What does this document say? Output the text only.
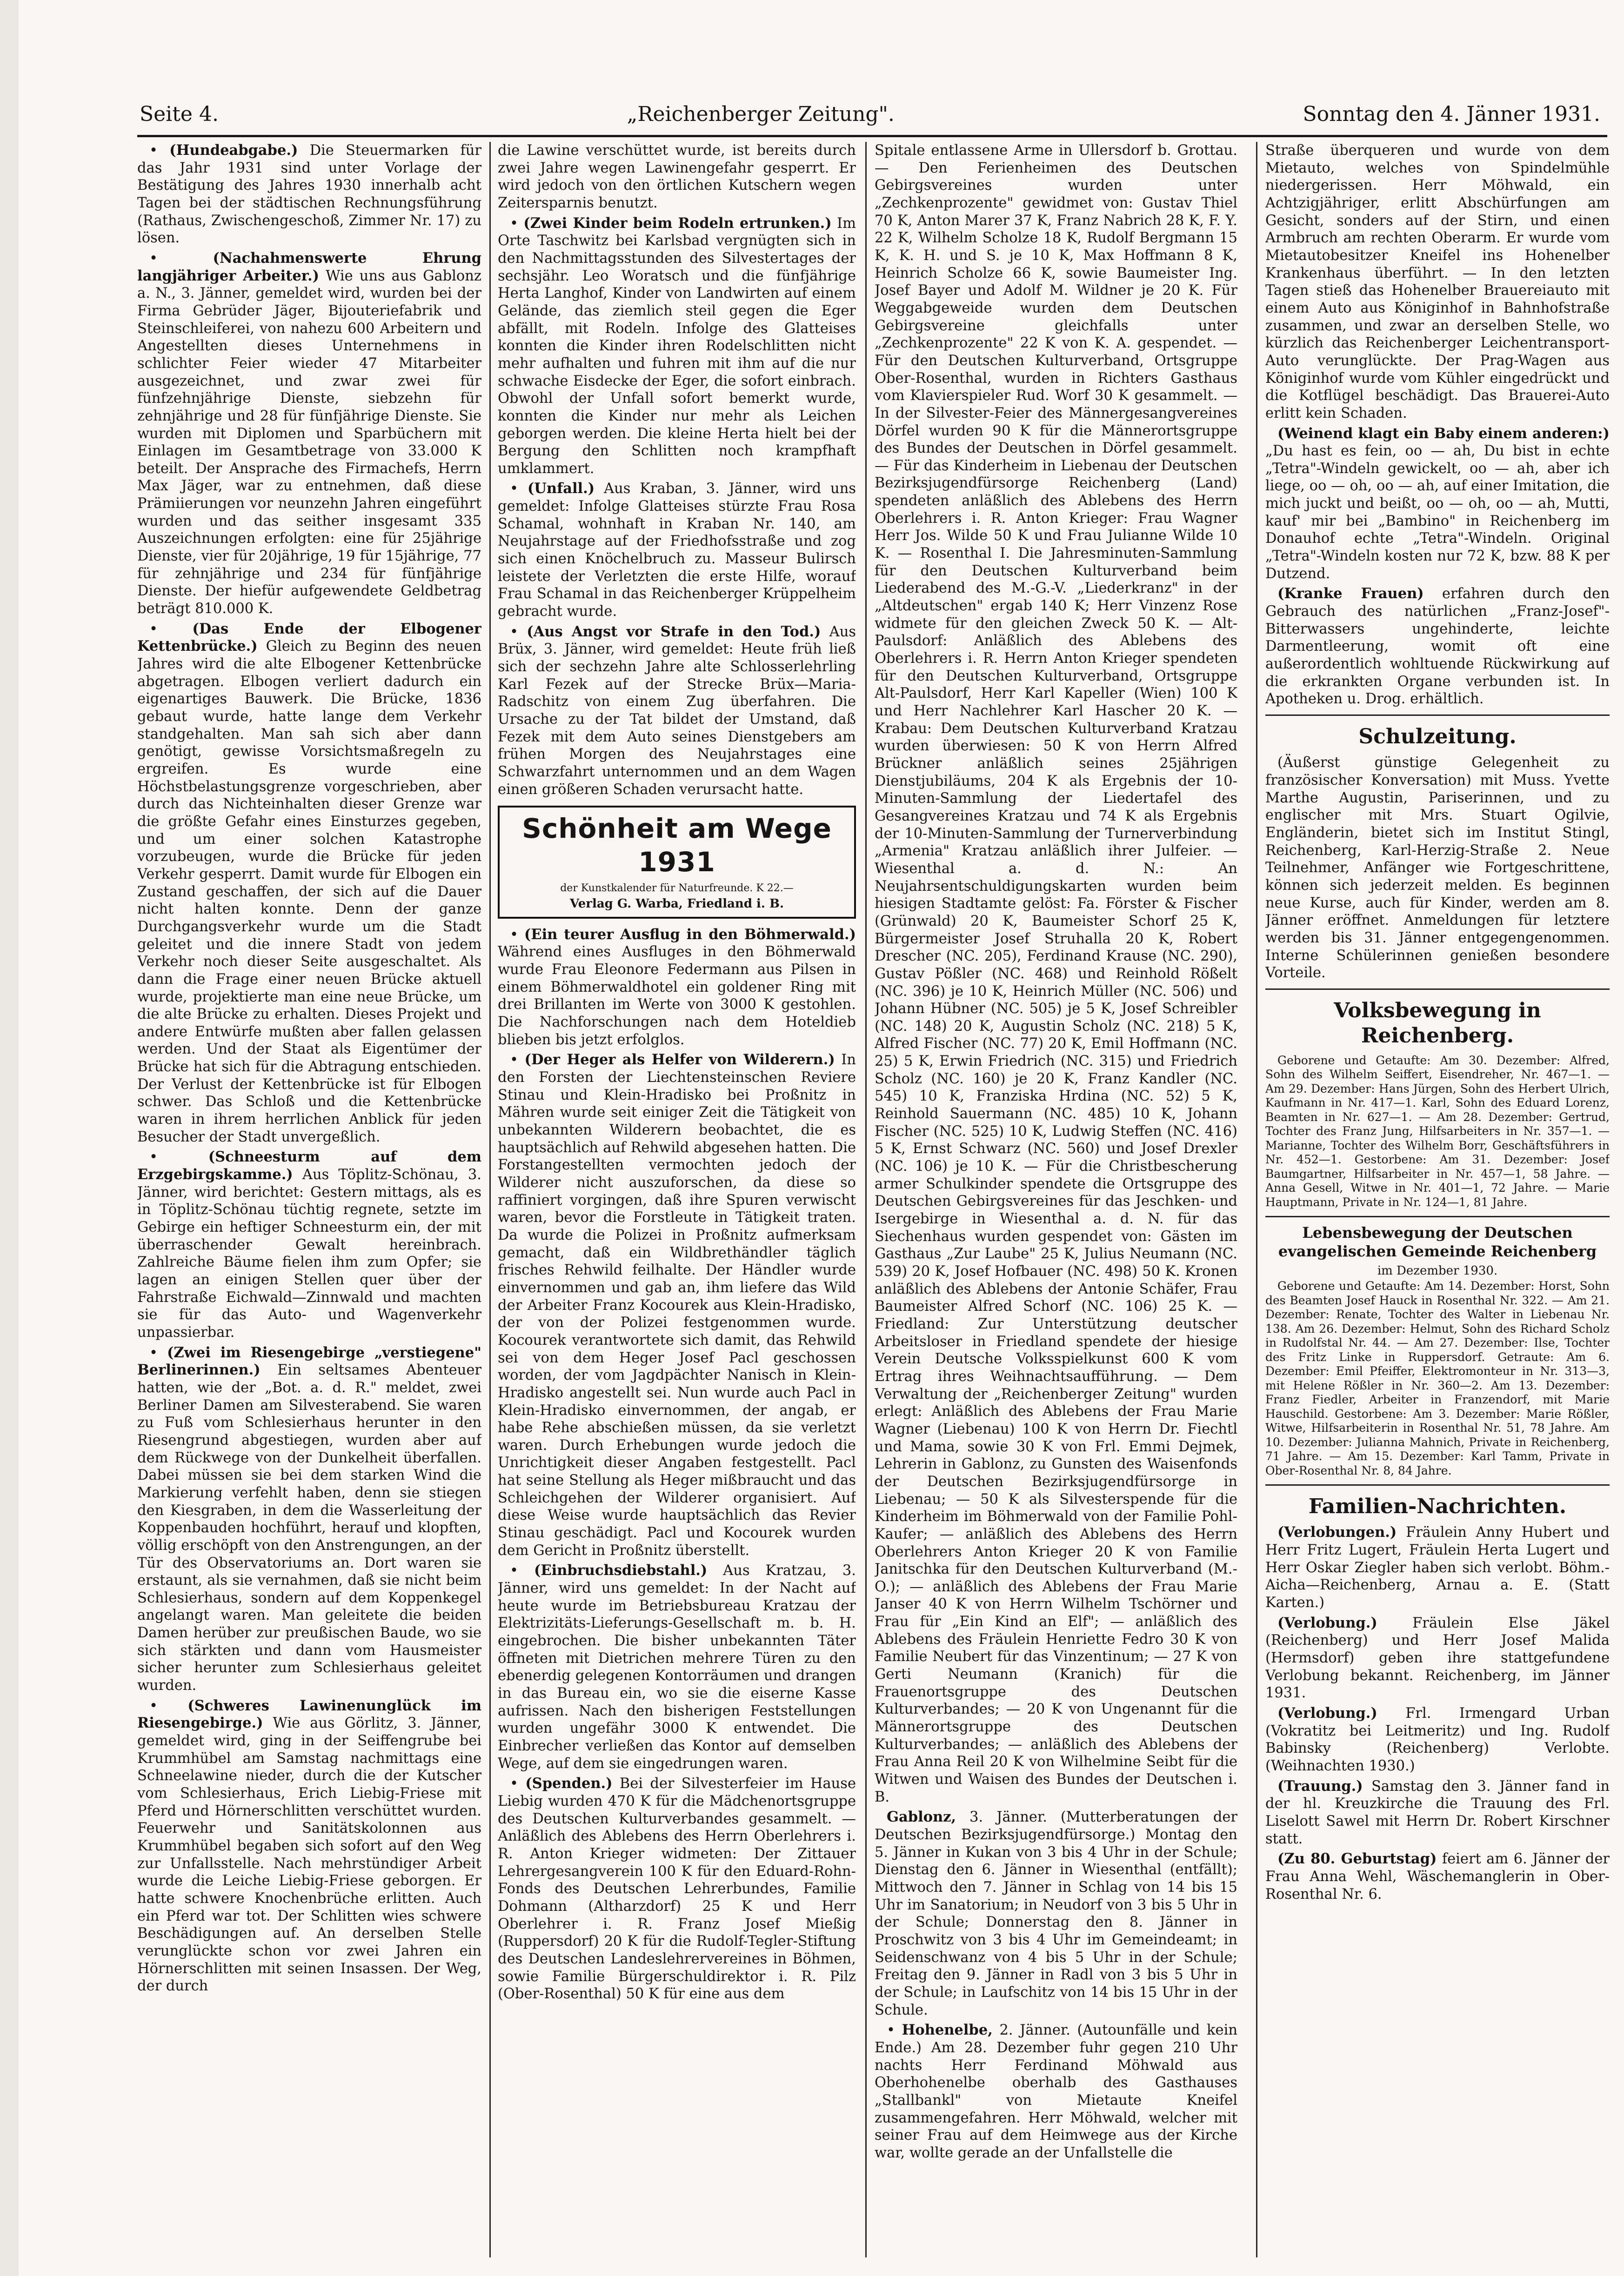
Seite 4.	„Reichenberger Zeitung".	Sonntag den 4. Jänner 1931.

• (Hundeabgabe.) Die Steuermarken für das Jahr 1931 sind unter Vorlage der Bestätigung des Jahres 1930 innerhalb acht Tagen bei der städtischen Rechnungsführung (Rathaus, Zwischengeschoß, Zimmer Nr. 17) zu lösen.

• (Nachahmenswerte Ehrung langjähriger Arbeiter.) Wie uns aus Gablonz a. N., 3. Jänner, gemeldet wird, wurden bei der Firma Gebrüder Jäger, Bijouteriefabrik und Steinschleiferei, von nahezu 600 Arbeitern und Angestellten dieses Unternehmens in schlichter Feier wieder 47 Mitarbeiter ausgezeichnet, und zwar zwei für fünfzehnjährige Dienste, siebzehn für zehnjährige und 28 für fünfjährige Dienste. Sie wurden mit Diplomen und Sparbüchern mit Einlagen im Gesamtbetrage von 33.000 K beteilt. Der Ansprache des Firmachefs, Herrn Max Jäger, war zu entnehmen, daß diese Prämiierungen vor neunzehn Jahren eingeführt wurden und das seither insgesamt 335 Auszeichnungen erfolgten: eine für 25jährige Dienste, vier für 20jährige, 19 für 15jährige, 77 für zehnjährige und 234 für fünfjährige Dienste. Der hiefür aufgewendete Geldbetrag beträgt 810.000 K.

• (Das Ende der Elbogener Kettenbrücke.) Gleich zu Beginn des neuen Jahres wird die alte Elbogener Kettenbrücke abgetragen. Elbogen verliert dadurch ein eigenartiges Bauwerk. Die Brücke, 1836 gebaut wurde, hatte lange dem Verkehr standgehalten. Man sah sich aber dann genötigt, gewisse Vorsichtsmaßregeln zu ergreifen. Es wurde eine Höchstbelastungsgrenze vorgeschrieben, aber durch das Nichteinhalten dieser Grenze war die größte Gefahr eines Einsturzes gegeben, und um einer solchen Katastrophe vorzubeugen, wurde die Brücke für jeden Verkehr gesperrt. Damit wurde für Elbogen ein Zustand geschaffen, der sich auf die Dauer nicht halten konnte. Denn der ganze Durchgangsverkehr wurde um die Stadt geleitet und die innere Stadt von jedem Verkehr noch dieser Seite ausgeschaltet. Als dann die Frage einer neuen Brücke aktuell wurde, projektierte man eine neue Brücke, um die alte Brücke zu erhalten. Dieses Projekt und andere Entwürfe mußten aber fallen gelassen werden. Und der Staat als Eigentümer der Brücke hat sich für die Abtragung entschieden. Der Verlust der Kettenbrücke ist für Elbogen schwer. Das Schloß und die Kettenbrücke waren in ihrem herrlichen Anblick für jeden Besucher der Stadt unvergeßlich.

• (Schneesturm auf dem Erzgebirgskamme.) Aus Töplitz-Schönau, 3. Jänner, wird berichtet: Gestern mittags, als es in Töplitz-Schönau tüchtig regnete, setzte im Gebirge ein heftiger Schneesturm ein, der mit überraschender Gewalt hereinbrach. Zahlreiche Bäume fielen ihm zum Opfer; sie lagen an einigen Stellen quer über der Fahrstraße Eichwald—Zinnwald und machten sie für das Auto- und Wagenverkehr unpassierbar.

• (Zwei im Riesengebirge „verstiegene" Berlinerinnen.) Ein seltsames Abenteuer hatten, wie der „Bot. a. d. R." meldet, zwei Berliner Damen am Silvesterabend. Sie waren zu Fuß vom Schlesierhaus herunter in den Riesengrund abgestiegen, wurden aber auf dem Rückwege von der Dunkelheit überfallen. Dabei müssen sie bei dem starken Wind die Markierung verfehlt haben, denn sie stiegen den Kiesgraben, in dem die Wasserleitung der Koppenbauden hochführt, herauf und klopften, völlig erschöpft von den Anstrengungen, an der Tür des Observatoriums an. Dort waren sie erstaunt, als sie vernahmen, daß sie nicht beim Schlesierhaus, sondern auf dem Koppenkegel angelangt waren. Man geleitete die beiden Damen herüber zur preußischen Baude, wo sie sich stärkten und dann vom Hausmeister sicher herunter zum Schlesierhaus geleitet wurden.

• (Schweres Lawinenunglück im Riesengebirge.) Wie aus Görlitz, 3. Jänner, gemeldet wird, ging in der Seiffengrube bei Krummhübel am Samstag nachmittags eine Schneelawine nieder, durch die der Kutscher vom Schlesierhaus, Erich Liebig-Friese mit Pferd und Hörnerschlitten verschüttet wurden. Feuerwehr und Sanitätskolonnen aus Krummhübel begaben sich sofort auf den Weg zur Unfallsstelle. Nach mehrstündiger Arbeit wurde die Leiche Liebig-Friese geborgen. Er hatte schwere Knochenbrüche erlitten. Auch ein Pferd war tot. Der Schlitten wies schwere Beschädigungen auf. An derselben Stelle verunglückte schon vor zwei Jahren ein Hörnerschlitten mit seinen Insassen. Der Weg, der durch

die Lawine verschüttet wurde, ist bereits durch zwei Jahre wegen Lawinengefahr gesperrt. Er wird jedoch von den örtlichen Kutschern wegen Zeitersparnis benutzt.

• (Zwei Kinder beim Rodeln ertrunken.) Im Orte Taschwitz bei Karlsbad vergnügten sich in den Nachmittagsstunden des Silvestertages der sechsjähr. Leo Woratsch und die fünfjährige Herta Langhof, Kinder von Landwirten auf einem Gelände, das ziemlich steil gegen die Eger abfällt, mit Rodeln. Infolge des Glatteises konnten die Kinder ihren Rodelschlitten nicht mehr aufhalten und fuhren mit ihm auf die nur schwache Eisdecke der Eger, die sofort einbrach. Obwohl der Unfall sofort bemerkt wurde, konnten die Kinder nur mehr als Leichen geborgen werden. Die kleine Herta hielt bei der Bergung den Schlitten noch krampfhaft umklammert.

• (Unfall.) Aus Kraban, 3. Jänner, wird uns gemeldet: Infolge Glatteises stürzte Frau Rosa Schamal, wohnhaft in Kraban Nr. 140, am Neujahrstage auf der Friedhofsstraße und zog sich einen Knöchelbruch zu. Masseur Bulirsch leistete der Verletzten die erste Hilfe, worauf Frau Schamal in das Reichenberger Krüppelheim gebracht wurde.

• (Aus Angst vor Strafe in den Tod.) Aus Brüx, 3. Jänner, wird gemeldet: Heute früh ließ sich der sechzehn Jahre alte Schlosserlehrling Karl Fezek auf der Strecke Brüx—Maria-Radschitz von einem Zug überfahren. Die Ursache zu der Tat bildet der Umstand, daß Fezek mit dem Auto seines Dienstgebers am frühen Morgen des Neujahrstages eine Schwarzfahrt unternommen und an dem Wagen einen größeren Schaden verursacht hatte.

Schönheit am Wege 1931
der Kunstkalender für Naturfreunde. K 22.—
Verlag G. Warba, Friedland i. B.

• (Ein teurer Ausflug in den Böhmerwald.) Während eines Ausfluges in den Böhmerwald wurde Frau Eleonore Federmann aus Pilsen in einem Böhmerwaldhotel ein goldener Ring mit drei Brillanten im Werte von 3000 K gestohlen. Die Nachforschungen nach dem Hoteldieb blieben bis jetzt erfolglos.

• (Der Heger als Helfer von Wilderern.) In den Forsten der Liechtensteinschen Reviere Stinau und Klein-Hradisko bei Proßnitz in Mähren wurde seit einiger Zeit die Tätigkeit von unbekannten Wilderern beobachtet, die es hauptsächlich auf Rehwild abgesehen hatten. Die Forstangestellten vermochten jedoch der Wilderer nicht auszuforschen, da diese so raffiniert vorgingen, daß ihre Spuren verwischt waren, bevor die Forstleute in Tätigkeit traten. Da wurde die Polizei in Proßnitz aufmerksam gemacht, daß ein Wildbrethändler täglich frisches Rehwild feilhalte. Der Händler wurde einvernommen und gab an, ihm liefere das Wild der Arbeiter Franz Kocourek aus Klein-Hradisko, der von der Polizei festgenommen wurde. Kocourek verantwortete sich damit, das Rehwild sei von dem Heger Josef Pacl geschossen worden, der vom Jagdpächter Nanisch in Klein-Hradisko angestellt sei. Nun wurde auch Pacl in Klein-Hradisko einvernommen, der angab, er habe Rehe abschießen müssen, da sie verletzt waren. Durch Erhebungen wurde jedoch die Unrichtigkeit dieser Angaben festgestellt. Pacl hat seine Stellung als Heger mißbraucht und das Schleichgehen der Wilderer organisiert. Auf diese Weise wurde hauptsächlich das Revier Stinau geschädigt. Pacl und Kocourek wurden dem Gericht in Proßnitz überstellt.

• (Einbruchsdiebstahl.) Aus Kratzau, 3. Jänner, wird uns gemeldet: In der Nacht auf heute wurde im Betriebsbureau Kratzau der Elektrizitäts-Lieferungs-Gesellschaft m. b. H. eingebrochen. Die bisher unbekannten Täter öffneten mit Dietrichen mehrere Türen zu den ebenerdig gelegenen Kontorräumen und drangen in das Bureau ein, wo sie die eiserne Kasse aufrissen. Nach den bisherigen Feststellungen wurden ungefähr 3000 K entwendet. Die Einbrecher verließen das Kontor auf demselben Wege, auf dem sie eingedrungen waren.

• (Spenden.) Bei der Silvesterfeier im Hause Liebig wurden 470 K für die Mädchenortsgruppe des Deutschen Kulturverbandes gesammelt. — Anläßlich des Ablebens des Herrn Oberlehrers i. R. Anton Krieger widmeten: Der Zittauer Lehrergesangverein 100 K für den Eduard-Rohn-Fonds des Deutschen Lehrerbundes, Familie Dohmann (Altharzdorf) 25 K und Herr Oberlehrer i. R. Franz Josef Mießig (Ruppersdorf) 20 K für die Rudolf-Tegler-Stiftung des Deutschen Landeslehrervereines in Böhmen, sowie Familie Bürgerschuldirektor i. R. Pilz (Ober-Rosenthal) 50 K für eine aus dem

Spitale entlassene Arme in Ullersdorf b. Grottau. — Den Ferienheimen des Deutschen Gebirgsvereines wurden unter „Zechkenprozente" gewidmet von: Gustav Thiel 70 K, Anton Marer 37 K, Franz Nabrich 28 K, F. Y. 22 K, Wilhelm Scholze 18 K, Rudolf Bergmann 15 K, K. H. und S. je 10 K, Max Hoffmann 8 K, Heinrich Scholze 66 K, sowie Baumeister Ing. Josef Bayer und Adolf M. Wildner je 20 K. Für Weggabgeweide wurden dem Deutschen Gebirgsvereine gleichfalls unter „Zechkenprozente" 22 K von K. A. gespendet. — Für den Deutschen Kulturverband, Ortsgruppe Ober-Rosenthal, wurden in Richters Gasthaus vom Klavierspieler Rud. Worf 30 K gesammelt. — In der Silvester-Feier des Männergesangvereines Dörfel wurden 90 K für die Männerortsgruppe des Bundes der Deutschen in Dörfel gesammelt. — Für das Kinderheim in Liebenau der Deutschen Bezirksjugendfürsorge Reichenberg (Land) spendeten anläßlich des Ablebens des Herrn Oberlehrers i. R. Anton Krieger: Frau Wagner Herr Jos. Wilde 50 K und Frau Julianne Wilde 10 K. — Rosenthal I. Die Jahresminuten-Sammlung für den Deutschen Kulturverband beim Liederabend des M.-G.-V. „Liederkranz" in der „Altdeutschen" ergab 140 K; Herr Vinzenz Rose widmete für den gleichen Zweck 50 K. — Alt-Paulsdorf: Anläßlich des Ablebens des Oberlehrers i. R. Herrn Anton Krieger spendeten für den Deutschen Kulturverband, Ortsgruppe Alt-Paulsdorf, Herr Karl Kapeller (Wien) 100 K und Herr Nachlehrer Karl Hascher 20 K. — Krabau: Dem Deutschen Kulturverband Kratzau wurden überwiesen: 50 K von Herrn Alfred Brückner anläßlich seines 25jährigen Dienstjubiläums, 204 K als Ergebnis der 10-Minuten-Sammlung der Liedertafel des Gesangvereines Kratzau und 74 K als Ergebnis der 10-Minuten-Sammlung der Turnerverbindung „Armenia" Kratzau anläßlich ihrer Julfeier. — Wiesenthal a. d. N.: An Neujahrsentschuldigungskarten wurden beim hiesigen Stadtamte gelöst: Fa. Förster & Fischer (Grünwald) 20 K, Baumeister Schorf 25 K, Bürgermeister Josef Struhalla 20 K, Robert Drescher (NC. 205), Ferdinand Krause (NC. 290), Gustav Pößler (NC. 468) und Reinhold Rößelt (NC. 396) je 10 K, Heinrich Müller (NC. 506) und Johann Hübner (NC. 505) je 5 K, Josef Schreibler (NC. 148) 20 K, Augustin Scholz (NC. 218) 5 K, Alfred Fischer (NC. 77) 20 K, Emil Hoffmann (NC. 25) 5 K, Erwin Friedrich (NC. 315) und Friedrich Scholz (NC. 160) je 20 K, Franz Kandler (NC. 545) 10 K, Franziska Hrdina (NC. 52) 5 K, Reinhold Sauermann (NC. 485) 10 K, Johann Fischer (NC. 525) 10 K, Ludwig Steffen (NC. 416) 5 K, Ernst Schwarz (NC. 560) und Josef Drexler (NC. 106) je 10 K. — Für die Christbescherung armer Schulkinder spendete die Ortsgruppe des Deutschen Gebirgsvereines für das Jeschken- und Isergebirge in Wiesenthal a. d. N. für das Siechenhaus wurden gespendet von: Gästen im Gasthaus „Zur Laube" 25 K, Julius Neumann (NC. 539) 20 K, Josef Hofbauer (NC. 498) 50 K. Kronen anläßlich des Ablebens der Antonie Schäfer, Frau Baumeister Alfred Schorf (NC. 106) 25 K. — Friedland: Zur Unterstützung deutscher Arbeitsloser in Friedland spendete der hiesige Verein Deutsche Volksspielkunst 600 K vom Ertrag ihres Weihnachtsaufführung. — Dem Verwaltung der „Reichenberger Zeitung" wurden erlegt: Anläßlich des Ablebens der Frau Marie Wagner (Liebenau) 100 K von Herrn Dr. Fiechtl und Mama, sowie 30 K von Frl. Emmi Dejmek, Lehrerin in Gablonz, zu Gunsten des Waisenfonds der Deutschen Bezirksjugendfürsorge in Liebenau; — 50 K als Silvesterspende für die Kinderheim im Böhmerwald von der Familie Pohl-Kaufer; — anläßlich des Ablebens des Herrn Oberlehrers Anton Krieger 20 K von Familie Janitschka für den Deutschen Kulturverband (M.-O.); — anläßlich des Ablebens der Frau Marie Janser 40 K von Herrn Wilhelm Tschörner und Frau für „Ein Kind an Elf"; — anläßlich des Ablebens des Fräulein Henriette Fedro 30 K von Familie Neubert für das Vinzentinum; — 27 K von Gerti Neumann (Kranich) für die Frauenortsgruppe des Deutschen Kulturverbandes; — 20 K von Ungenannt für die Männerortsgruppe des Deutschen Kulturverbandes; — anläßlich des Ablebens der Frau Anna Reil 20 K von Wilhelmine Seibt für die Witwen und Waisen des Bundes der Deutschen i. B.

Gablonz, 3. Jänner. (Mutterberatungen der Deutschen Bezirksjugendfürsorge.) Montag den 5. Jänner in Kukan von 3 bis 4 Uhr in der Schule; Dienstag den 6. Jänner in Wiesenthal (entfällt); Mittwoch den 7. Jänner in Schlag von 14 bis 15 Uhr im Sanatorium; in Neudorf von 3 bis 5 Uhr in der Schule; Donnerstag den 8. Jänner in Proschwitz von 3 bis 4 Uhr im Gemeindeamt; in Seidenschwanz von 4 bis 5 Uhr in der Schule; Freitag den 9. Jänner in Radl von 3 bis 5 Uhr in der Schule; in Laufschitz von 14 bis 15 Uhr in der Schule.

• Hohenelbe, 2. Jänner. (Autounfälle und kein Ende.) Am 28. Dezember fuhr gegen 210 Uhr nachts Herr Ferdinand Möhwald aus Oberhohenelbe oberhalb des Gasthauses „Stallbankl" von Mietaute Kneifel zusammengefahren. Herr Möhwald, welcher mit seiner Frau auf dem Heimwege aus der Kirche war, wollte gerade an der Unfallstelle die

Straße überqueren und wurde von dem Mietauto, welches von Spindelmühle niedergerissen. Herr Möhwald, ein Achtzigjähriger, erlitt Abschürfungen am Gesicht, sonders auf der Stirn, und einen Armbruch am rechten Oberarm. Er wurde vom Mietautobesitzer Kneifel ins Hohenelber Krankenhaus überführt. — In den letzten Tagen stieß das Hohenelber Brauereiauto mit einem Auto aus Königinhof in Bahnhofstraße zusammen, und zwar an derselben Stelle, wo kürzlich das Reichenberger Leichentransport-Auto verunglückte. Der Prag-Wagen aus Königinhof wurde vom Kühler eingedrückt und die Kotflügel beschädigt. Das Brauerei-Auto erlitt kein Schaden.

(Weinend klagt ein Baby einem anderen:) „Du hast es fein, oo — ah, Du bist in echte „Tetra"-Windeln gewickelt, oo — ah, aber ich liege, oo — oh, oo — ah, auf einer Imitation, die mich juckt und beißt, oo — oh, oo — ah, Mutti, kauf' mir bei „Bambino" in Reichenberg im Donauhof echte „Tetra"-Windeln. Original „Tetra"-Windeln kosten nur 72 K, bzw. 88 K per Dutzend.

(Kranke Frauen) erfahren durch den Gebrauch des natürlichen „Franz-Josef"-Bitterwassers ungehinderte, leichte Darmentleerung, womit oft eine außerordentlich wohltuende Rückwirkung auf die erkrankten Organe verbunden ist. In Apotheken u. Drog. erhältlich.

Schulzeitung.

(Äußerst günstige Gelegenheit zu französischer Konversation) mit Muss. Yvette Marthe Augustin, Pariserinnen, und zu englischer mit Mrs. Stuart Ogilvie, Engländerin, bietet sich im Institut Stingl, Reichenberg, Karl-Herzig-Straße 2. Neue Teilnehmer, Anfänger wie Fortgeschrittene, können sich jederzeit melden. Es beginnen neue Kurse, auch für Kinder, werden am 8. Jänner eröffnet. Anmeldungen für letztere werden bis 31. Jänner entgegengenommen. Interne Schülerinnen genießen besondere Vorteile.

Volksbewegung in Reichenberg.

Geborene und Getaufte: Am 30. Dezember: Alfred, Sohn des Wilhelm Seiffert, Eisendreher, Nr. 467—1. — Am 29. Dezember: Hans Jürgen, Sohn des Herbert Ulrich, Kaufmann in Nr. 417—1. Karl, Sohn des Eduard Lorenz, Beamten in Nr. 627—1. — Am 28. Dezember: Gertrud, Tochter des Franz Jung, Hilfsarbeiters in Nr. 357—1. — Marianne, Tochter des Wilhelm Borr, Geschäftsführers in Nr. 452—1. Gestorbene: Am 31. Dezember: Josef Baumgartner, Hilfsarbeiter in Nr. 457—1, 58 Jahre. — Anna Gesell, Witwe in Nr. 401—1, 72 Jahre. — Marie Hauptmann, Private in Nr. 124—1, 81 Jahre.

Lebensbewegung der Deutschen evangelischen Gemeinde Reichenberg
im Dezember 1930.

Geborene und Getaufte: Am 14. Dezember: Horst, Sohn des Beamten Josef Hauck in Rosenthal Nr. 322. — Am 21. Dezember: Renate, Tochter des Walter in Liebenau Nr. 138. Am 26. Dezember: Helmut, Sohn des Richard Scholz in Rudolfstal Nr. 44. — Am 27. Dezember: Ilse, Tochter des Fritz Linke in Ruppersdorf. Getraute: Am 6. Dezember: Emil Pfeiffer, Elektromonteur in Nr. 313—3, mit Helene Rößler in Nr. 360—2. Am 13. Dezember: Franz Fiedler, Arbeiter in Franzendorf, mit Marie Hauschild. Gestorbene: Am 3. Dezember: Marie Rößler, Witwe, Hilfsarbeiterin in Rosenthal Nr. 51, 78 Jahre. Am 10. Dezember: Julianna Mahnich, Private in Reichenberg, 71 Jahre. — Am 15. Dezember: Karl Tamm, Private in Ober-Rosenthal Nr. 8, 84 Jahre.

Familien-Nachrichten.

(Verlobungen.) Fräulein Anny Hubert und Herr Fritz Lugert, Fräulein Herta Lugert und Herr Oskar Ziegler haben sich verlobt. Böhm.-Aicha—Reichenberg, Arnau a. E. (Statt Karten.)

(Verlobung.) Fräulein Else Jäkel (Reichenberg) und Herr Josef Malida (Hermsdorf) geben ihre stattgefundene Verlobung bekannt. Reichenberg, im Jänner 1931.

(Verlobung.) Frl. Irmengard Urban (Vokratitz bei Leitmeritz) und Ing. Rudolf Babinsky (Reichenberg) Verlobte. (Weihnachten 1930.)

(Trauung.) Samstag den 3. Jänner fand in der hl. Kreuzkirche die Trauung des Frl. Liselott Sawel mit Herrn Dr. Robert Kirschner statt.

(Zu 80. Geburtstag) feiert am 6. Jänner der Frau Anna Wehl, Wäschemanglerin in Ober-Rosenthal Nr. 6.
